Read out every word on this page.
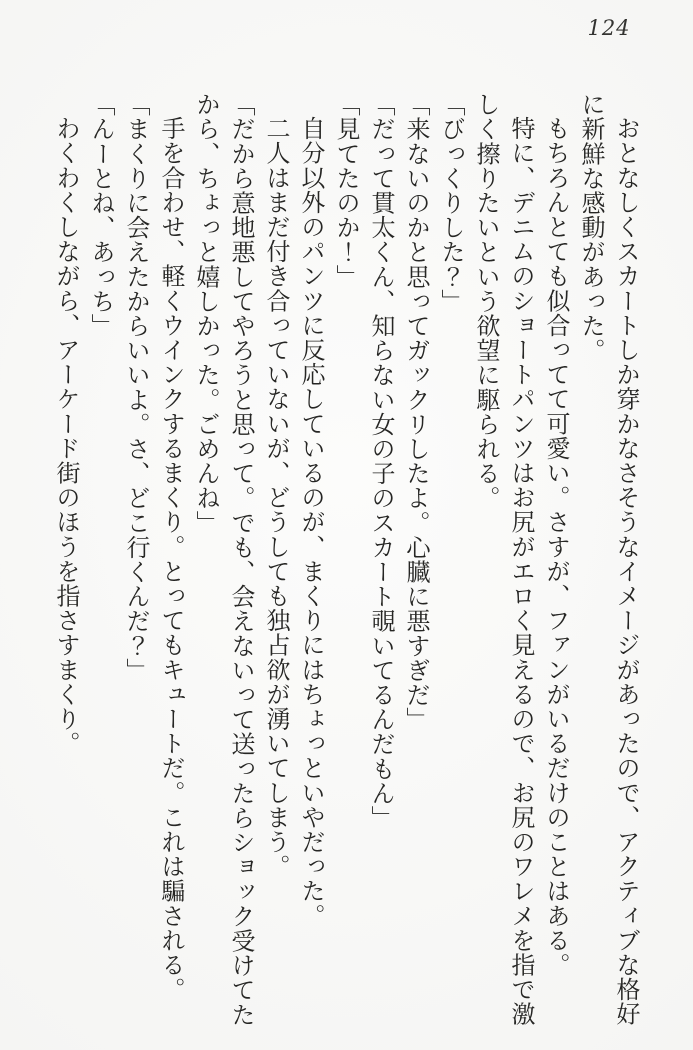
124

おとなしくスカートしか穿かなさそうなイメージがあったので、アクティブな格好に新鮮な感動があった。

もちろんとても似合ってて可愛い。さすが、ファンがいるだけのことはある。

特に、デニムのショートパンツはお尻がエロく見えるので、お尻のワレメを指で激しく擦りたいという欲望に駆られる。

「びっくりした？」

「来ないのかと思ってガックリしたよ。心臓に悪すぎだ」

「だって貫太くん、知らない女の子のスカート覗いてるんだもん」

「見てたのか！」

自分以外のパンツに反応しているのが、まくりにはちょっといやだった。

二人はまだ付き合っていないが、どうしても独占欲が湧いてしまう。

「だから意地悪してやろうと思って。でも、会えないって送ったらショック受けてたから、ちょっと嬉しかった。ごめんね」

手を合わせ、軽くウインクするまくり。とってもキュートだ。これは騙される。

「まくりに会えたからいいよ。さ、どこ行くんだ？」

「んーとね、あっち」

わくわくしながら、アーケード街のほうを指さすまくり。
